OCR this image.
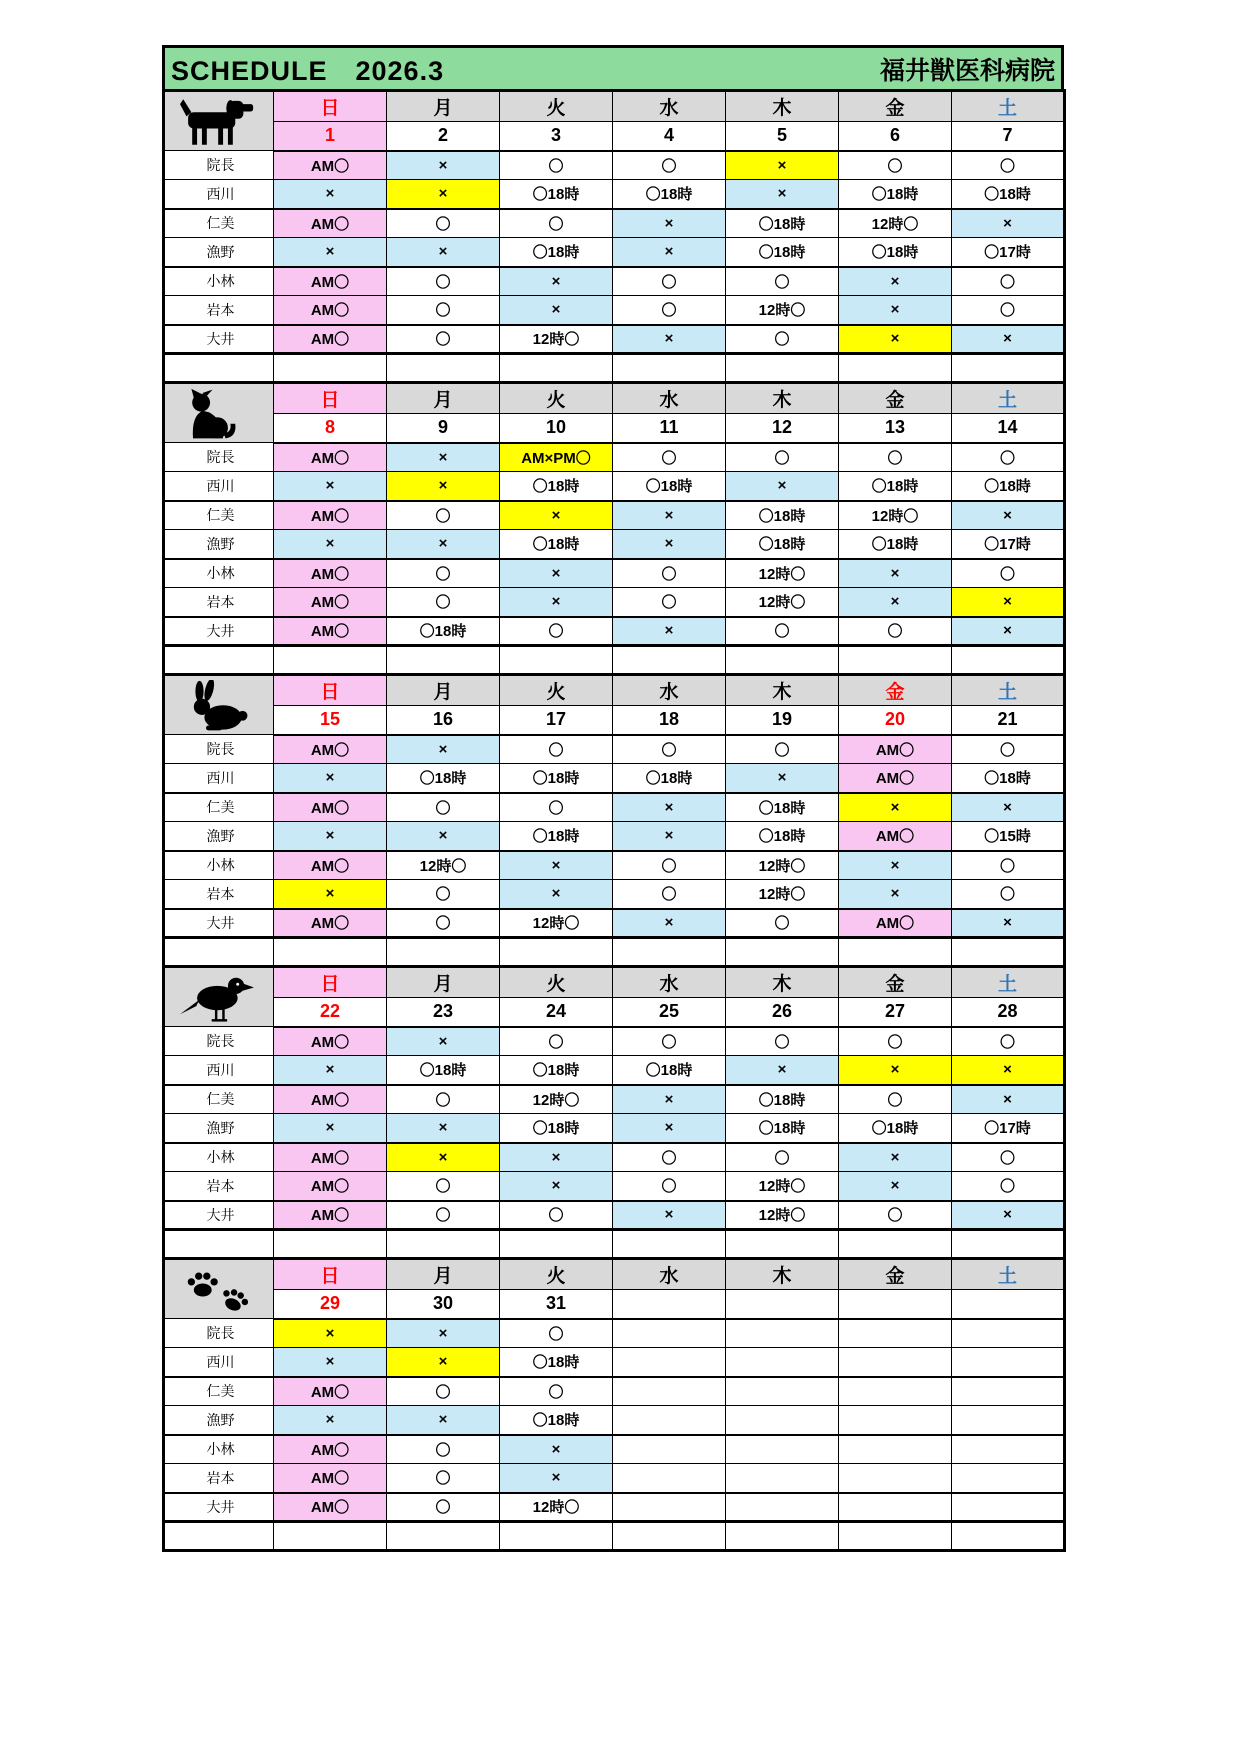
SCHEDULE　2026.3	福井獣医科病院
	日	月	火	水	木	金	土
	1	2	3	4	5	6	7
院長	AM〇	×	〇	〇	×	〇	〇
西川	×	×	〇18時	〇18時	×	〇18時	〇18時
仁美	AM〇	〇	〇	×	〇18時	12時〇	×
漁野	×	×	〇18時	×	〇18時	〇18時	〇17時
小林	AM〇	〇	×	〇	〇	×	〇
岩本	AM〇	〇	×	〇	12時〇	×	〇
大井	AM〇	〇	12時〇	×	〇	×	×

	日	月	火	水	木	金	土
	8	9	10	11	12	13	14
院長	AM〇	×	AM×PM〇	〇	〇	〇	〇
西川	×	×	〇18時	〇18時	×	〇18時	〇18時
仁美	AM〇	〇	×	×	〇18時	12時〇	×
漁野	×	×	〇18時	×	〇18時	〇18時	〇17時
小林	AM〇	〇	×	〇	12時〇	×	〇
岩本	AM〇	〇	×	〇	12時〇	×	×
大井	AM〇	〇18時	〇	×	〇	〇	×

	日	月	火	水	木	金	土
	15	16	17	18	19	20	21
院長	AM〇	×	〇	〇	〇	AM〇	〇
西川	×	〇18時	〇18時	〇18時	×	AM〇	〇18時
仁美	AM〇	〇	〇	×	〇18時	×	×
漁野	×	×	〇18時	×	〇18時	AM〇	〇15時
小林	AM〇	12時〇	×	〇	12時〇	×	〇
岩本	×	〇	×	〇	12時〇	×	〇
大井	AM〇	〇	12時〇	×	〇	AM〇	×

	日	月	火	水	木	金	土
	22	23	24	25	26	27	28
院長	AM〇	×	〇	〇	〇	〇	〇
西川	×	〇18時	〇18時	〇18時	×	×	×
仁美	AM〇	〇	12時〇	×	〇18時	〇	×
漁野	×	×	〇18時	×	〇18時	〇18時	〇17時
小林	AM〇	×	×	〇	〇	×	〇
岩本	AM〇	〇	×	〇	12時〇	×	〇
大井	AM〇	〇	〇	×	12時〇	〇	×

	日	月	火	水	木	金	土
	29	30	31				
院長	×	×	〇				
西川	×	×	〇18時				
仁美	AM〇	〇	〇				
漁野	×	×	〇18時				
小林	AM〇	〇	×				
岩本	AM〇	〇	×				
大井	AM〇	〇	12時〇				
